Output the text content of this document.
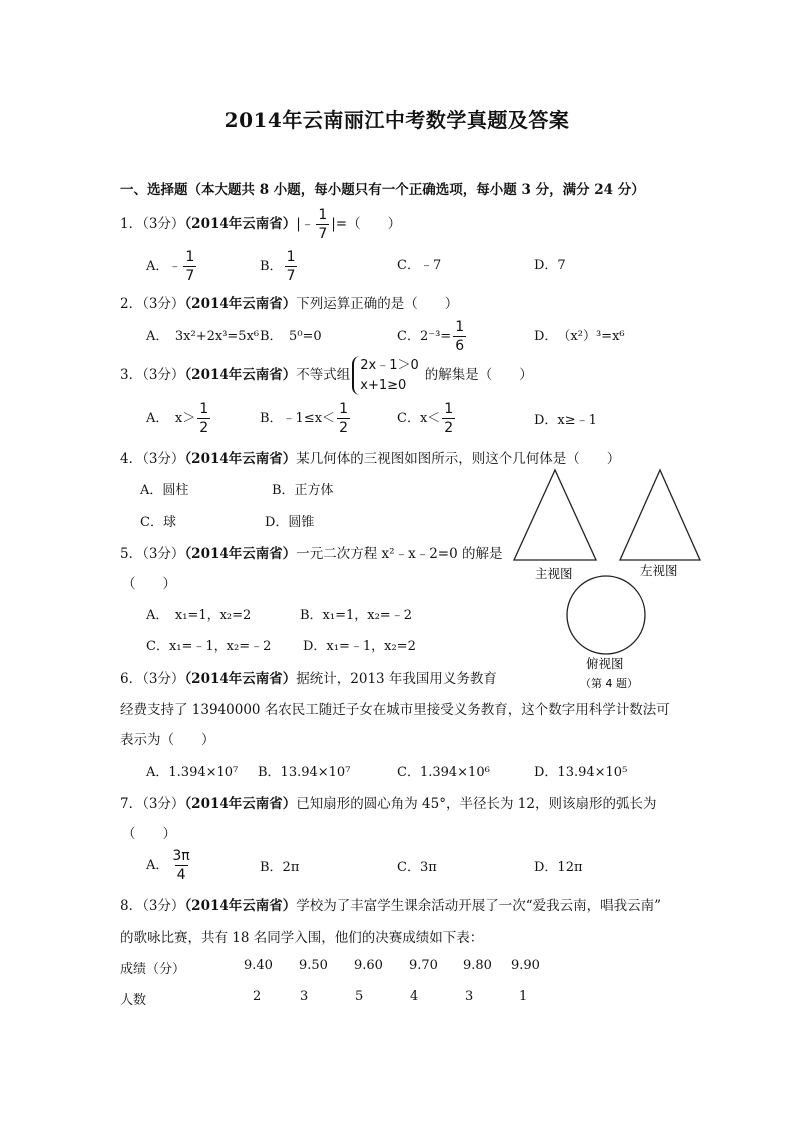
2014年云南丽江中考数学真题及答案
一、选择题（本大题共 8 小题，每小题只有一个正确选项，每小题 3 分，满分 24 分）
1．（3分）（2014年云南省）|﹣ $\frac{1}{7}$ |=（　　）
A．﹣ $\frac{1}{7}$	B． $\frac{1}{7}$	C．﹣7	D．7
2．（3分）（2014年云南省）下列运算正确的是（　　）
A．　3x²+2x³=5x⁶ B．　5⁰=0	C．$2^{-3}= \frac{1}{6}$	D．　（x²）³=x⁶
3．（3分）（2014年云南省）不等式组2x﹣1＞0
x+1≥0的解集是（　　）
A．　$x> \frac{1}{2}$	B．﹣1≤x＜ $\frac{1}{2}$	C．$x< \frac{1}{2}$	D．x≥﹣1
4．（3分）（2014年云南省）某几何体的三视图如图所示，则这个几何体是（　　）
A．圆柱	B．正方体
C．球	D．圆锥
主视图	左视图
俯视图
（第 4 题）
5．（3分）（2014年云南省）一元二次方程 x²﹣x﹣2=0 的解是
（　　）
A．　x₁=1，x₂=2	B．x₁=1，x₂=﹣2
C．x₁=﹣1，x₂=﹣2 D．x₁=﹣1，x₂=2
6．（3分）（2014年云南省）据统计，2013 年我国用义务教育
经费支持了 13940000 名农民工随迁子女在城市里接受义务教育，这个数字用科学计数法可
表示为（　　）
A．1.394×10⁷ B．13.94×10⁷	C．1.394×10⁶	D．13.94×10⁵
7．（3分）（2014年云南省）已知扇形的圆心角为 45°，半径长为 12，则该扇形的弧长为
（　　）
A． $\frac{3\pi}{4}$	B．2π	C．3π	D．12π
8．（3分）（2014年云南省）学校为了丰富学生课余活动开展了一次“爱我云南，唱我云南”
的歌咏比赛，共有 18 名同学入围，他们的决赛成绩如下表：
成绩（分）	9.40 9.50 9.60 9.70 9.80 9.90
人数	2	3	5	4	3	1
